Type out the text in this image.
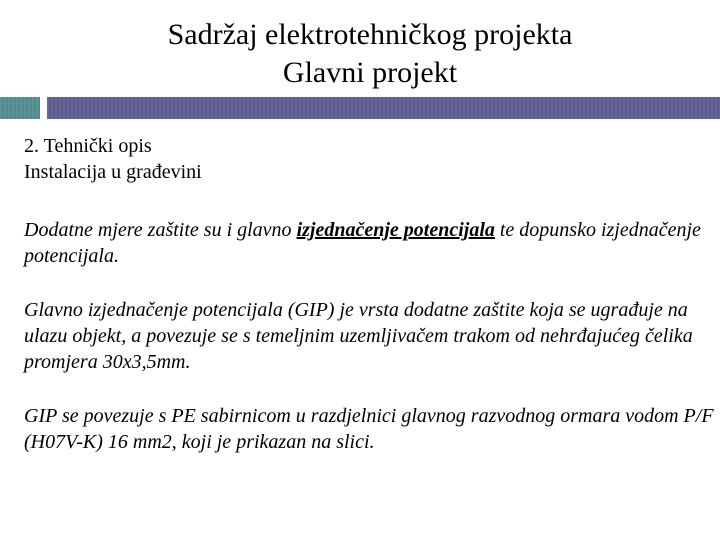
Sadržaj elektrotehničkog projekta
Glavni projekt

2. Tehnički opis

Instalacija u građevini

Dodatne mjere zaštite su i glavno izjednačenje potencijala te dopunsko izjednačenje potencijala.

Glavno izjednačenje potencijala (GIP) je vrsta dodatne zaštite koja se ugrađuje na ulazu objekt, a povezuje se s temeljnim uzemljivačem trakom od nehrđajućeg čelika promjera 30x3,5mm.

GIP se povezuje s PE sabirnicom u razdjelnici glavnog razvodnog ormara vodom P/F (H07V-K) 16 mm2, koji je prikazan na slici.
